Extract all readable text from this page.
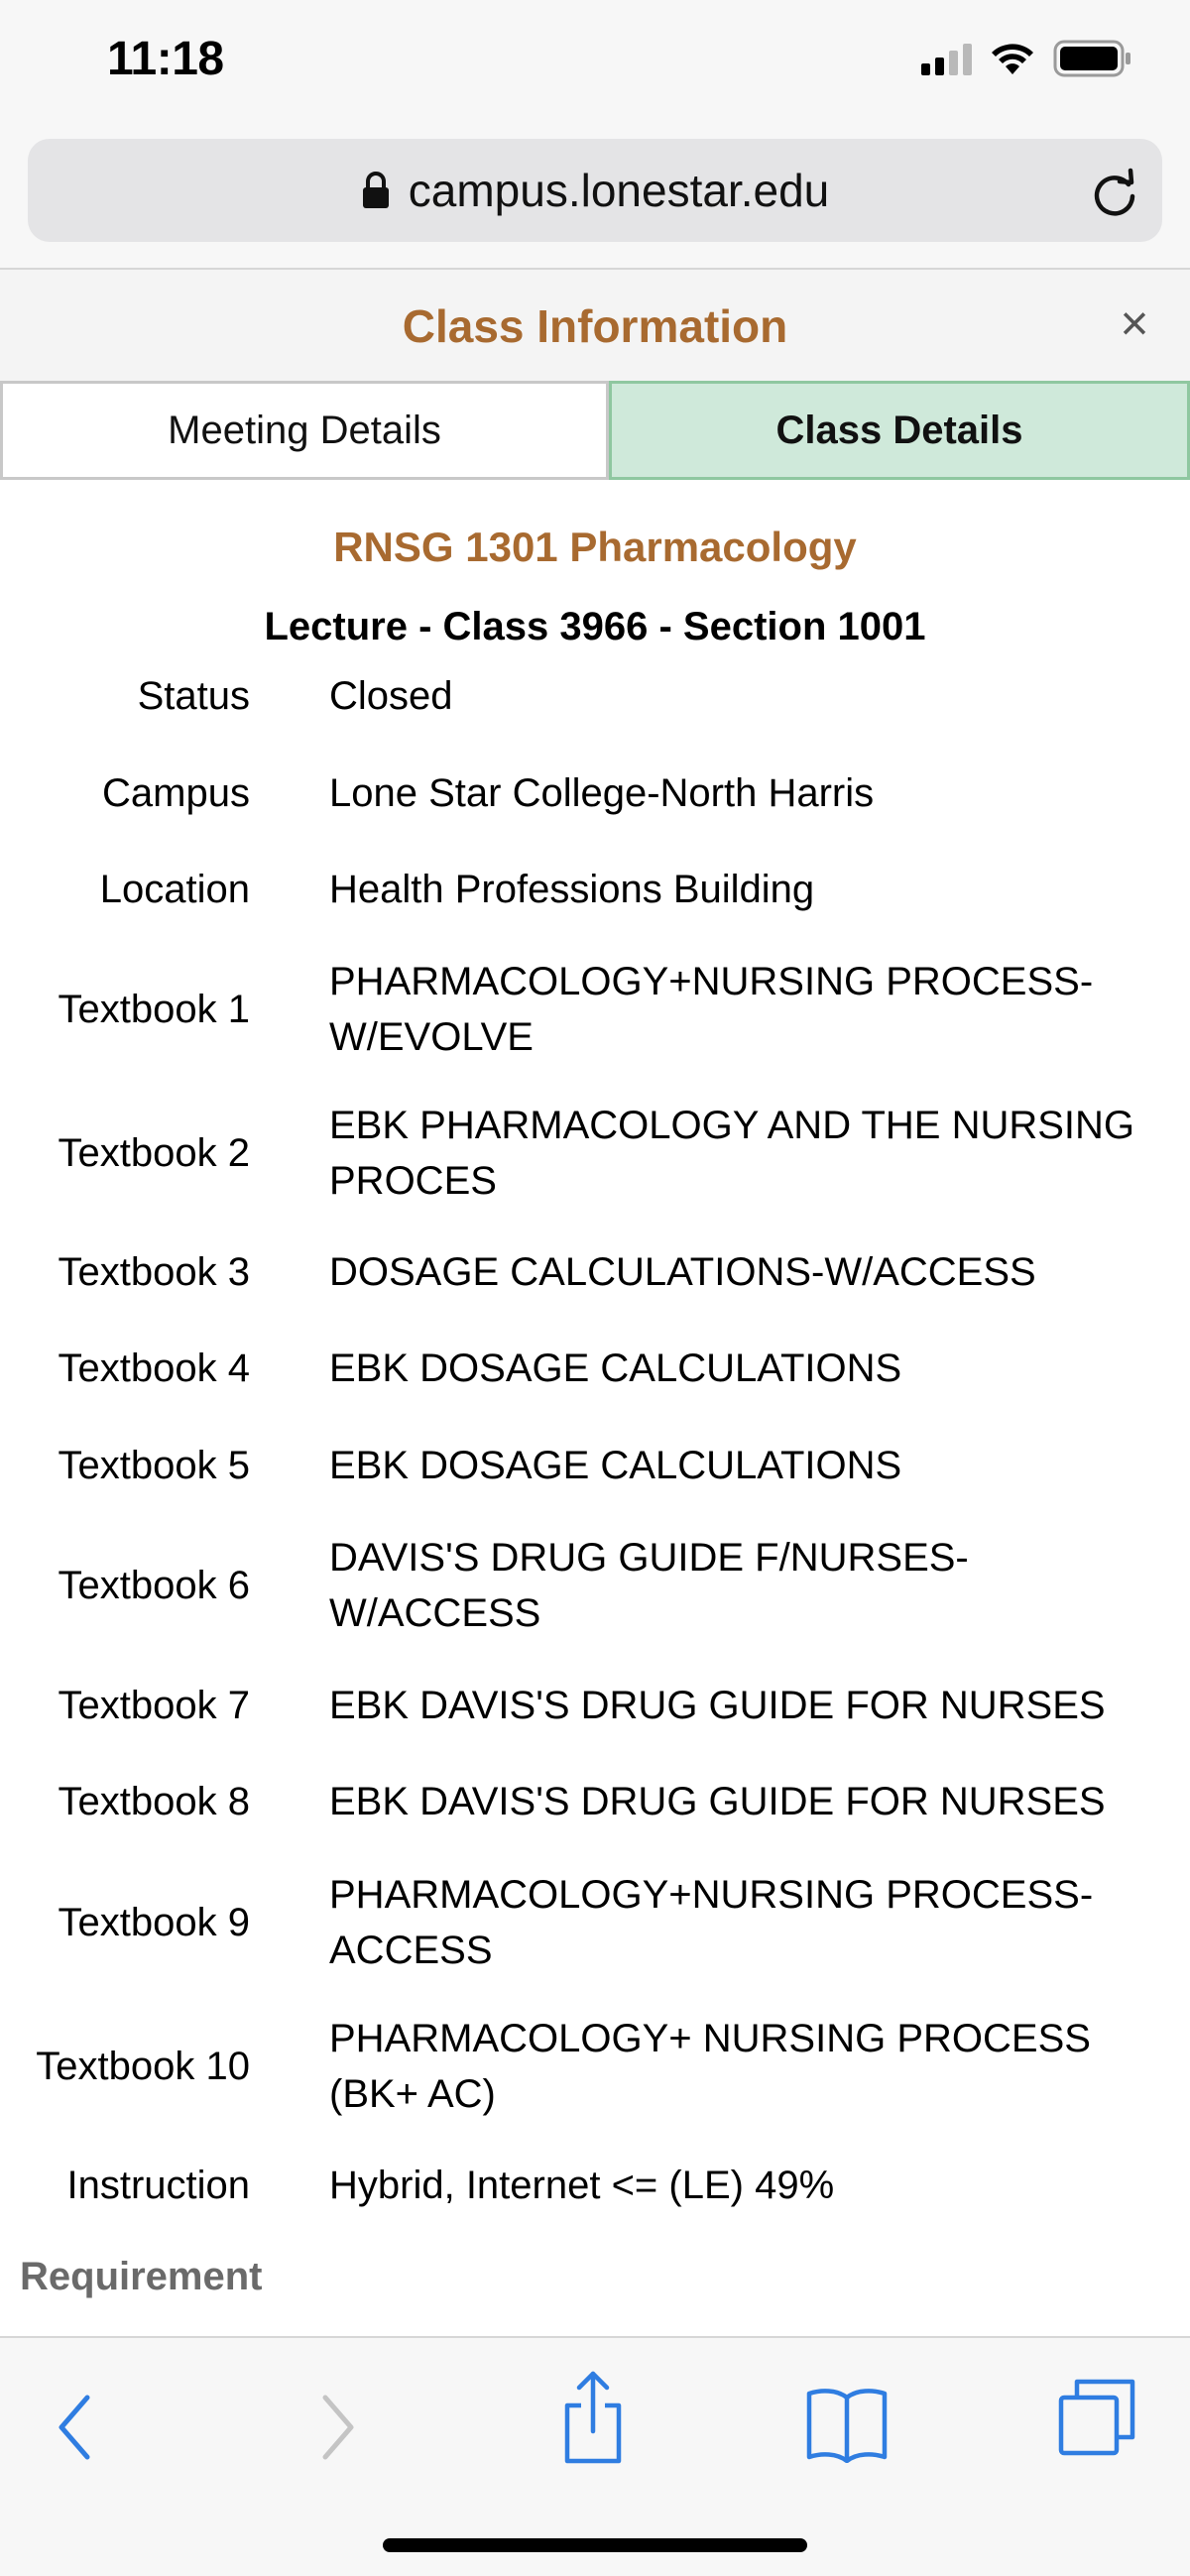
11:18
campus.lonestar.edu
Class Information	×
Meeting Details	Class Details
RNSG 1301 Pharmacology
Lecture - Class 3966 - Section 1001
Status Closed
Campus Lone Star College-North Harris
Location Health Professions Building
Textbook 1
PHARMACOLOGY+NURSING PROCESS-W/EVOLVE
Textbook 2
EBK PHARMACOLOGY AND THE NURSING PROCES
Textbook 3 DOSAGE CALCULATIONS-W/ACCESS
Textbook 4 EBK DOSAGE CALCULATIONS
Textbook 5 EBK DOSAGE CALCULATIONS
Textbook 6
DAVIS'S DRUG GUIDE F/NURSES-W/ACCESS
Textbook 7 EBK DAVIS'S DRUG GUIDE FOR NURSES
Textbook 8 EBK DAVIS'S DRUG GUIDE FOR NURSES
Textbook 9
PHARMACOLOGY+NURSING PROCESS-ACCESS
Textbook 10
PHARMACOLOGY+ NURSING PROCESS (BK+ AC)
Instruction Hybrid, Internet <= (LE) 49%
Requirement
